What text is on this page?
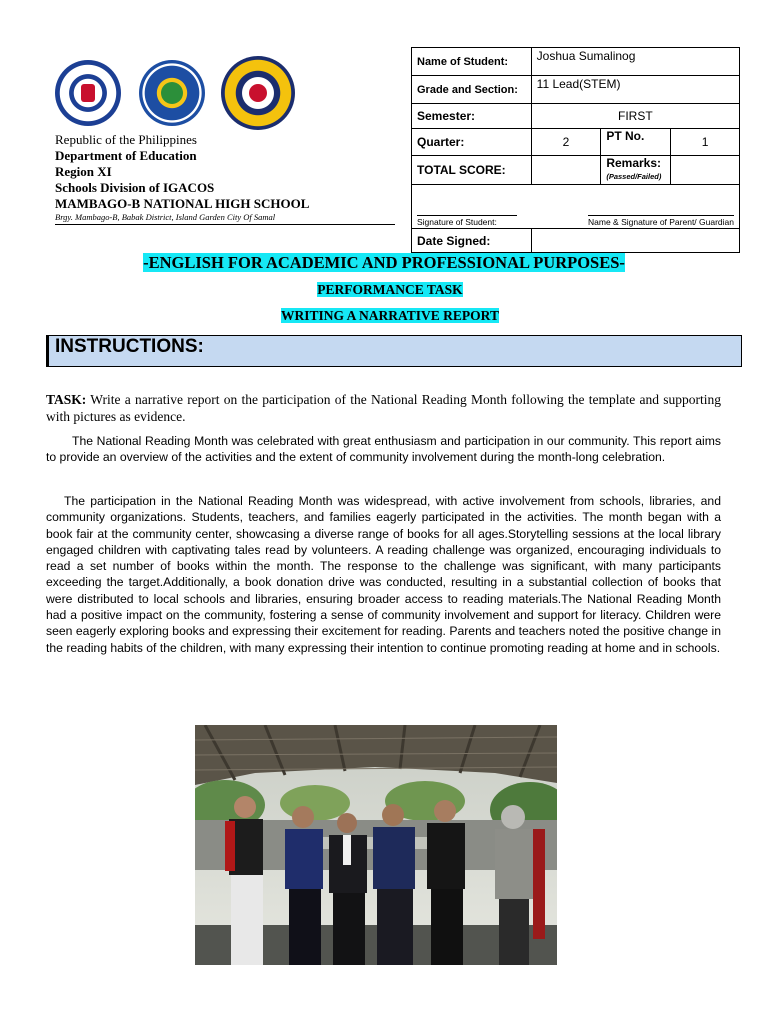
Republic of the Philippines
Department of Education
Region XI
Schools Division of IGACOS
MAMBAGO-B NATIONAL HIGH SCHOOL
Brgy. Mambago-B, Babak District, Island Garden City Of Samal
Name of Student:	Joshua Sumalinog		
Grade and Section:	11 Lead(STEM)		
Semester:	FIRST		
Quarter:	2	PT No.	1
TOTAL SCORE:		Remarks:
(Passed/Failed)	

Signature of Student: Name & Signature of Parent/ Guardian			

Date Signed:			
-ENGLISH FOR ACADEMIC AND PROFESSIONAL PURPOSES-
PERFORMANCE TASK
WRITING A NARRATIVE REPORT
INSTRUCTIONS:
TASK: Write a narrative report on the participation of the National Reading Month following the template and supporting with pictures as evidence.
The National Reading Month was celebrated with great enthusiasm and participation in our community. This report aims to provide an overview of the activities and the extent of community involvement during the month-long celebration.
The participation in the National Reading Month was widespread, with active involvement from schools, libraries, and community organizations. Students, teachers, and families eagerly participated in the activities. The month began with a book fair at the community center, showcasing a diverse range of books for all ages.Storytelling sessions at the local library engaged children with captivating tales read by volunteers. A reading challenge was organized, encouraging individuals to read a set number of books within the month. The response to the challenge was significant, with many participants exceeding the target.Additionally, a book donation drive was conducted, resulting in a substantial collection of books that were distributed to local schools and libraries, ensuring broader access to reading materials.The National Reading Month had a positive impact on the community, fostering a sense of community involvement and support for literacy. Children were seen eagerly exploring books and expressing their excitement for reading. Parents and teachers noted the positive change in the reading habits of the children, with many expressing their intention to continue promoting reading at home and in schools.
